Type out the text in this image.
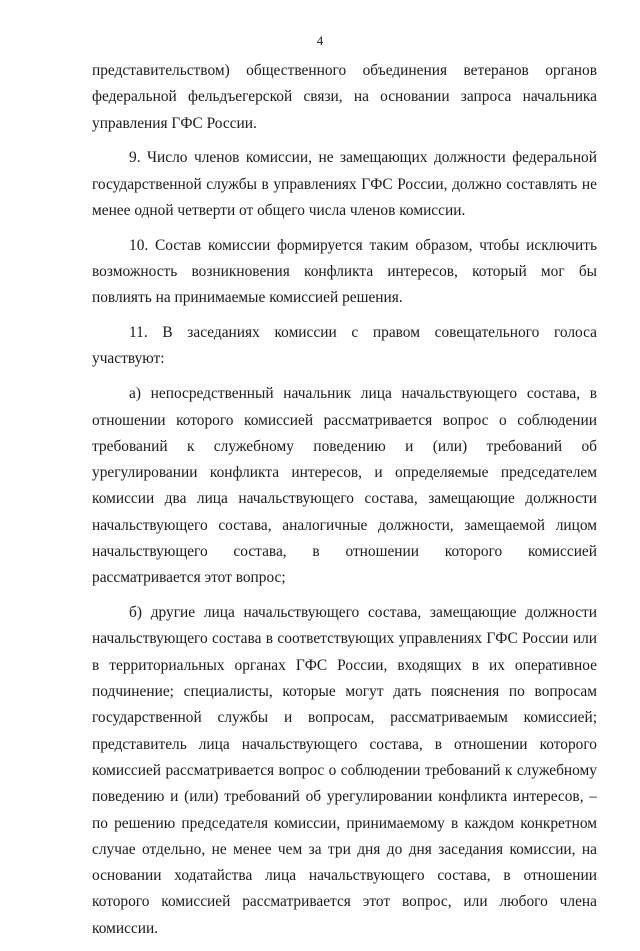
4

представительством) общественного объединения ветеранов органов федеральной фельдъегерской связи, на основании запроса начальника управления ГФС России.

9. Число членов комиссии, не замещающих должности федеральной государственной службы в управлениях ГФС России, должно составлять не менее одной четверти от общего числа членов комиссии.

10. Состав комиссии формируется таким образом, чтобы исключить возможность возникновения конфликта интересов, который мог бы повлиять на принимаемые комиссией решения.

11. В заседаниях комиссии с правом совещательного голоса участвуют:

а) непосредственный начальник лица начальствующего состава, в отношении которого комиссией рассматривается вопрос о соблюдении требований к служебному поведению и (или) требований об урегулировании конфликта интересов, и определяемые председателем комиссии два лица начальствующего состава, замещающие должности начальствующего состава, аналогичные должности, замещаемой лицом начальствующего состава, в отношении которого комиссией рассматривается этот вопрос;

б) другие лица начальствующего состава, замещающие должности начальствующего состава в соответствующих управлениях ГФС России или в территориальных органах ГФС России, входящих в их оперативное подчинение; специалисты, которые могут дать пояснения по вопросам государственной службы и вопросам, рассматриваемым комиссией; представитель лица начальствующего состава, в отношении которого комиссией рассматривается вопрос о соблюдении требований к служебному поведению и (или) требований об урегулировании конфликта интересов, – по решению председателя комиссии, принимаемому в каждом конкретном случае отдельно, не менее чем за три дня до дня заседания комиссии, на основании ходатайства лица начальствующего состава, в отношении которого комиссией рассматривается этот вопрос, или любого члена комиссии.
